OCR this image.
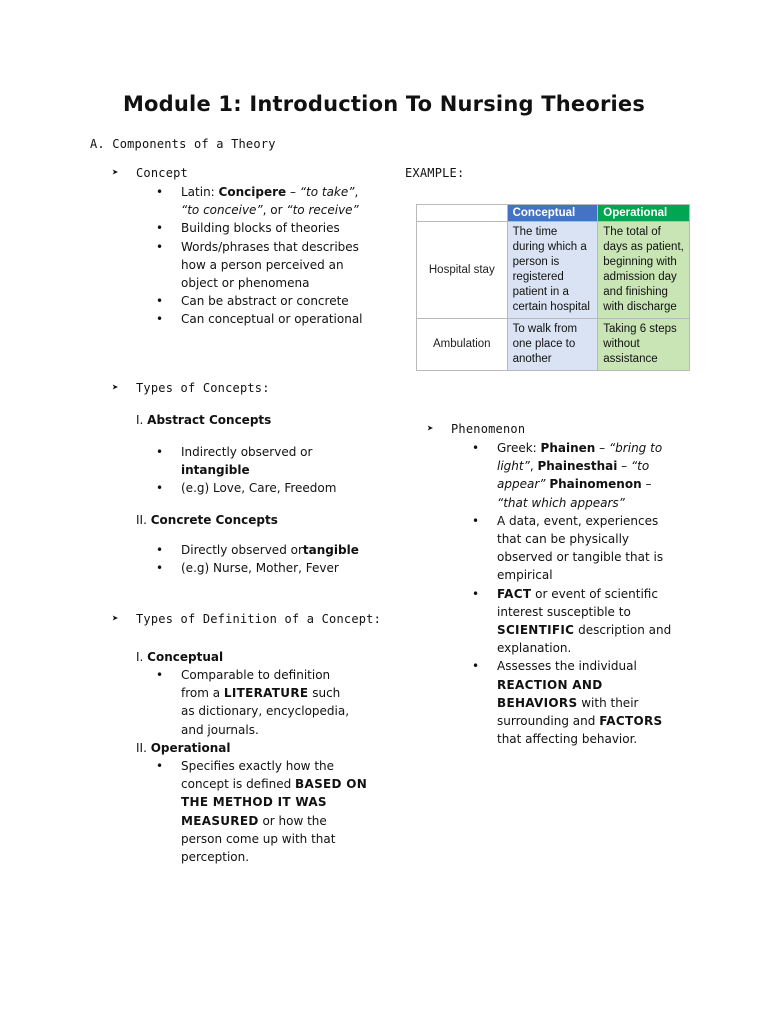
Module 1: Introduction To Nursing Theories
A. Components of a Theory
➤ Concept
• Latin: Concipere – “to take”, “to conceive”, or “to receive”
• Building blocks of theories
• Words/phrases that describes how a person perceived an object or phenomena
• Can be abstract or concrete
• Can conceptual or operational
➤ Types of Concepts:
I. Abstract Concepts
• Indirectly observed or intangible
• (e.g) Love, Care, Freedom
II. Concrete Concepts
• Directly observed ortangible
• (e.g) Nurse, Mother, Fever
➤ Types of Definition of a Concept:
I. Conceptual
• Comparable to definition from a LITERATURE such as dictionary, encyclopedia, and journals.
II. Operational
• Specifies exactly how the concept is defined BASED ON THE METHOD IT WAS MEASURED or how the person come up with that perception.
EXAMPLE:
	Conceptual	Operational
Hospital stay	The time during which a person is registered patient in a certain hospital	The total of days as patient, beginning with admission day and finishing with discharge
Ambulation	To walk from one place to another	Taking 6 steps without assistance
➤ Phenomenon
• Greek: Phainen – “bring to light”, Phainesthai – “to appear” Phainomenon – “that which appears”
• A data, event, experiences that can be physically observed or tangible that is empirical
• FACT or event of scientific interest susceptible to SCIENTIFIC description and explanation.
• Assesses the individual REACTION AND BEHAVIORS with their surrounding and FACTORS that affecting behavior.
